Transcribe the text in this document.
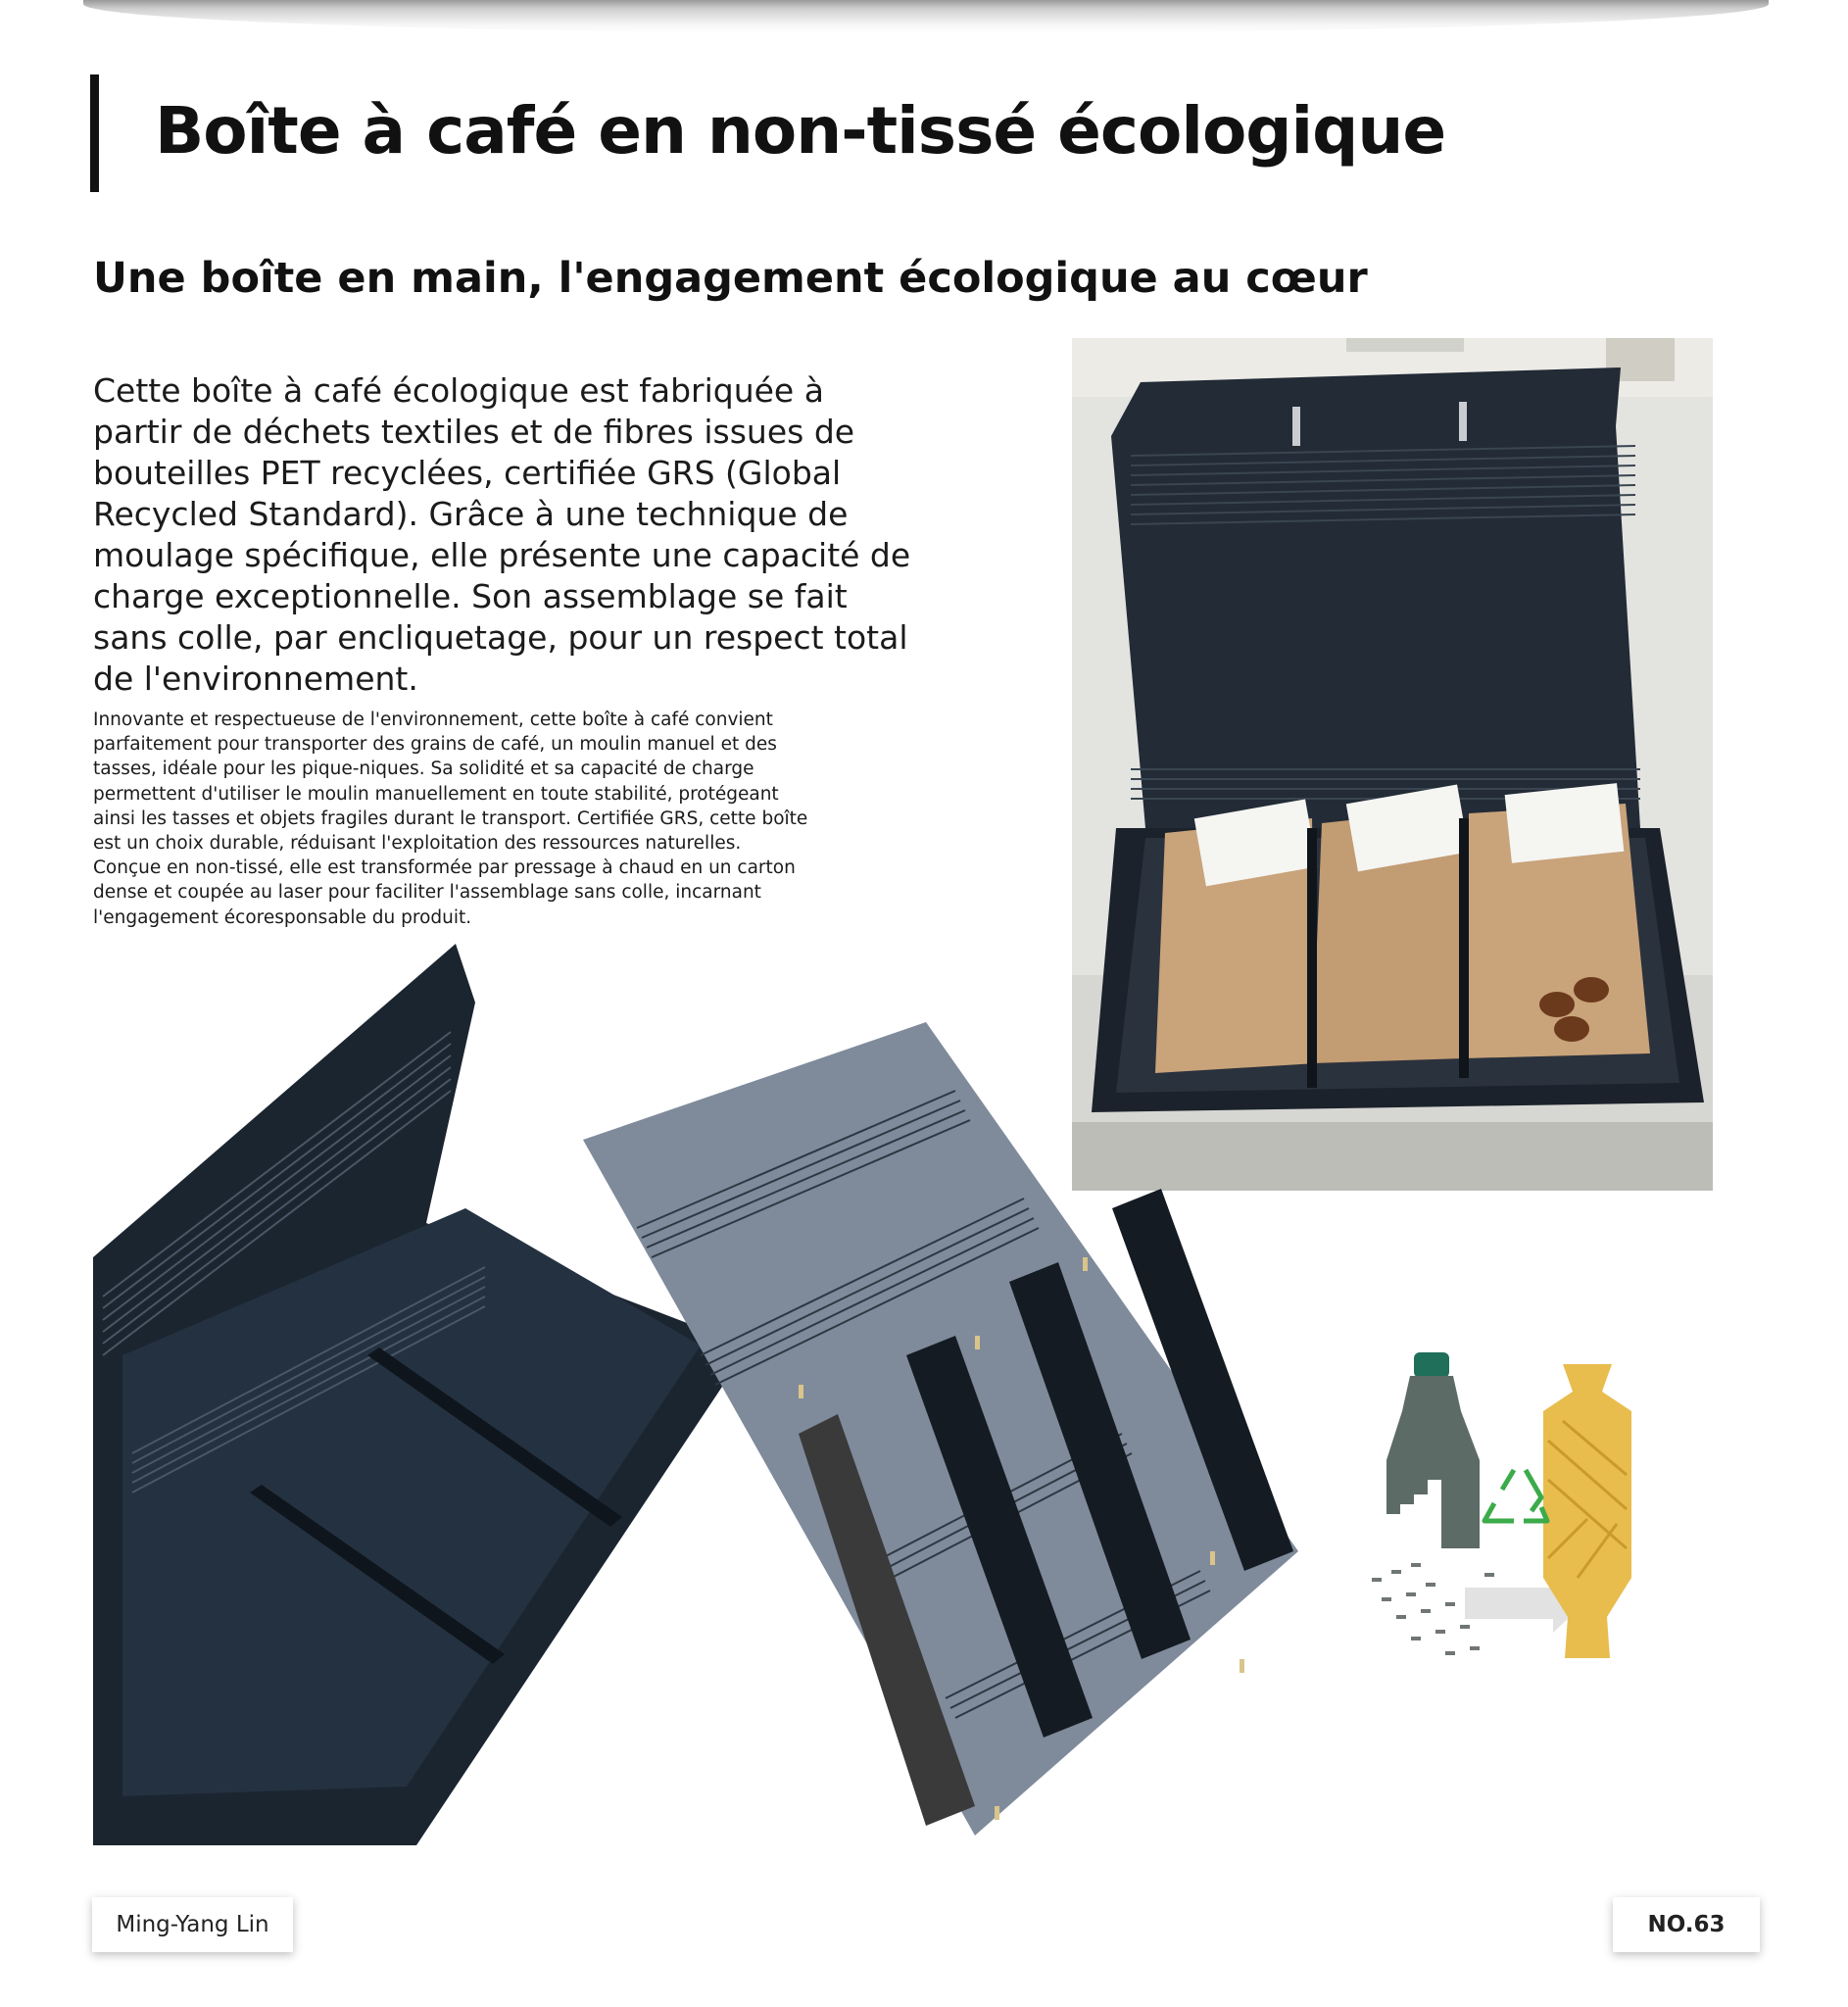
Boîte à café en non-tissé écologique
Une boîte en main, l'engagement écologique au cœur

Cette boîte à café écologique est fabriquée à partir de déchets textiles et de fibres issues de bouteilles PET recyclées, certifiée GRS (Global Recycled Standard). Grâce à une technique de moulage spécifique, elle présente une capacité de charge exceptionnelle. Son assemblage se fait sans colle, par encliquetage, pour un respect total de l'environnement.

Innovante et respectueuse de l'environnement, cette boîte à café convient parfaitement pour transporter des grains de café, un moulin manuel et des tasses, idéale pour les pique-niques. Sa solidité et sa capacité de charge permettent d'utiliser le moulin manuellement en toute stabilité, protégeant ainsi les tasses et objets fragiles durant le transport. Certifiée GRS, cette boîte est un choix durable, réduisant l'exploitation des ressources naturelles. Conçue en non-tissé, elle est transformée par pressage à chaud en un carton dense et coupée au laser pour faciliter l'assemblage sans colle, incarnant l'engagement écoresponsable du produit.

Ming-Yang Lin	NO.63
